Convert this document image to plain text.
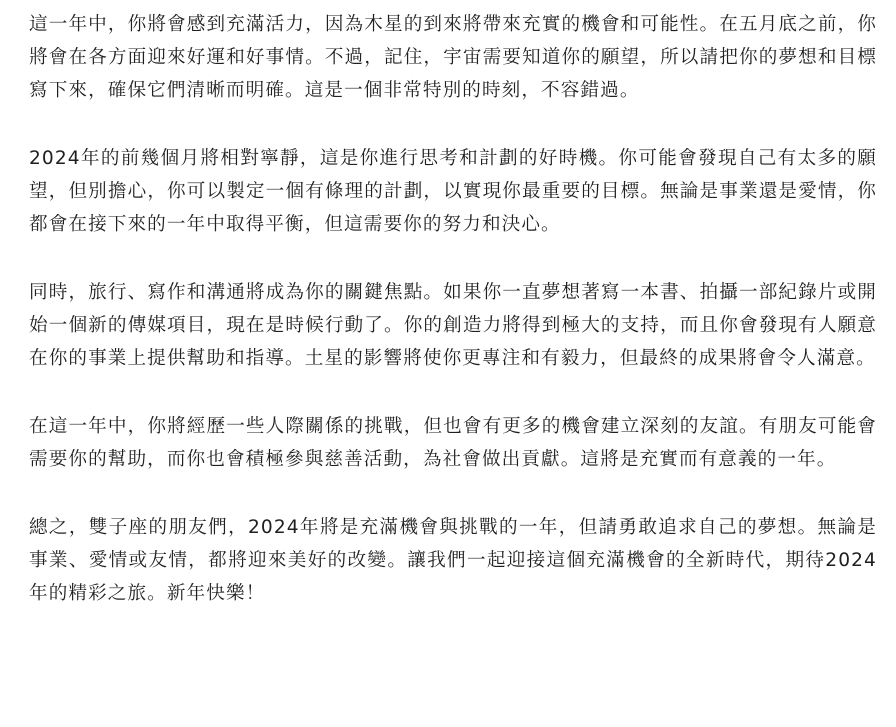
這一年中，你將會感到充滿活力，因為木星的到來將帶來充實的機會和可能性。在五月底之前，你將會在各方面迎來好運和好事情。不過，記住，宇宙需要知道你的願望，所以請把你的夢想和目標寫下來，確保它們清晰而明確。這是一個非常特別的時刻，不容錯過。

2024年的前幾個月將相對寧靜，這是你進行思考和計劃的好時機。你可能會發現自己有太多的願望，但別擔心，你可以製定一個有條理的計劃，以實現你最重要的目標。無論是事業還是愛情，你都會在接下來的一年中取得平衡，但這需要你的努力和決心。

同時，旅行、寫作和溝通將成為你的關鍵焦點。如果你一直夢想著寫一本書、拍攝一部紀錄片或開始一個新的傳媒項目，現在是時候行動了。你的創造力將得到極大的支持，而且你會發現有人願意在你的事業上提供幫助和指導。土星的影響將使你更專注和有毅力，但最終的成果將會令人滿意。

在這一年中，你將經歷一些人際關係的挑戰，但也會有更多的機會建立深刻的友誼。有朋友可能會需要你的幫助，而你也會積極參與慈善活動，為社會做出貢獻。這將是充實而有意義的一年。

總之，雙子座的朋友們，2024年將是充滿機會與挑戰的一年，但請勇敢追求自己的夢想。無論是事業、愛情或友情，都將迎來美好的改變。讓我們一起迎接這個充滿機會的全新時代，期待2024年的精彩之旅。新年快樂！
